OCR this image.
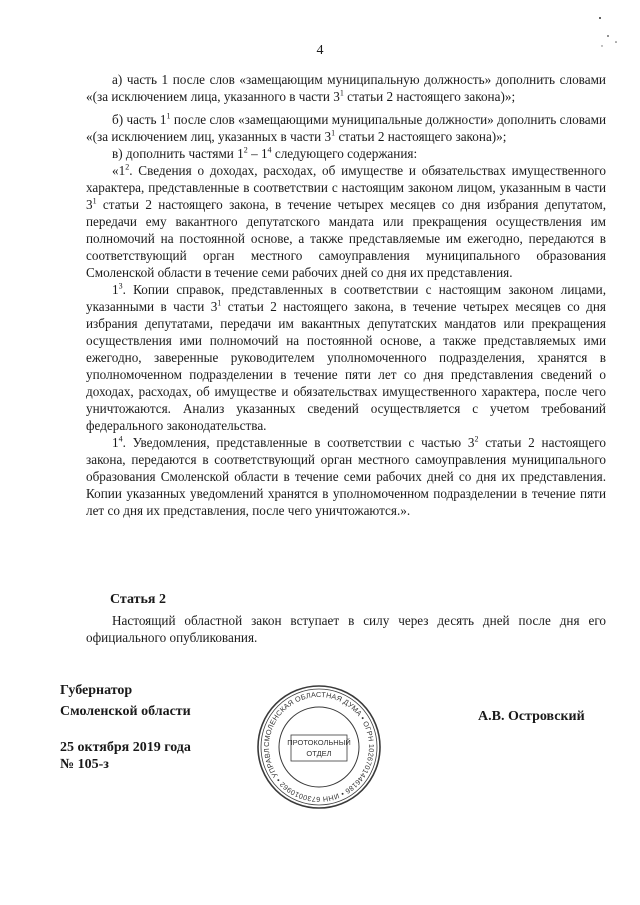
4

а) часть 1 после слов «замещающим муниципальную должность» дополнить словами «(за исключением лица, указанного в части $3^1$ статьи 2 настоящего закона)»;

б) часть $1^1$ после слов «замещающими муниципальные должности» дополнить словами «(за исключением лиц, указанных в части $3^1$ статьи 2 настоящего закона)»;

в) дополнить частями $1^2 - 1^4$ следующего содержания:

«$1^2$. Сведения о доходах, расходах, об имуществе и обязательствах имущественного характера, представленные в соответствии с настоящим законом лицом, указанным в части $3^1$ статьи 2 настоящего закона, в течение четырех месяцев со дня избрания депутатом, передачи ему вакантного депутатского мандата или прекращения осуществления им полномочий на постоянной основе, а также представляемые им ежегодно, передаются в соответствующий орган местного самоуправления муниципального образования Смоленской области в течение семи рабочих дней со дня их представления.

$1^3$. Копии справок, представленных в соответствии с настоящим законом лицами, указанными в части $3^1$ статьи 2 настоящего закона, в течение четырех месяцев со дня избрания депутатами, передачи им вакантных депутатских мандатов или прекращения осуществления ими полномочий на постоянной основе, а также представляемых ими ежегодно, заверенные руководителем уполномоченного подразделения, хранятся в уполномоченном подразделении в течение пяти лет со дня представления сведений о доходах, расходах, об имуществе и обязательствах имущественного характера, после чего уничтожаются. Анализ указанных сведений осуществляется с учетом требований федерального законодательства.

$1^4$. Уведомления, представленные в соответствии с частью $3^2$ статьи 2 настоящего закона, передаются в соответствующий орган местного самоуправления муниципального образования Смоленской области в течение семи рабочих дней со дня их представления. Копии указанных уведомлений хранятся в уполномоченном подразделении в течение пяти лет со дня их представления, после чего уничтожаются.».

Статья 2

Настоящий областной закон вступает в силу через десять дней после дня его официального опубликования.

Губернатор
Смоленской области
25 октября 2019 года
№ 105-з
А.В. Островский
СМОЛЕНСКАЯ ОБЛАСТНАЯ ДУМА • ОГРН 1026701446186 • ИНН 6730010962 • УПРАВЛ
ПРОТОКОЛЬНЫЙ
ОТДЕЛ
